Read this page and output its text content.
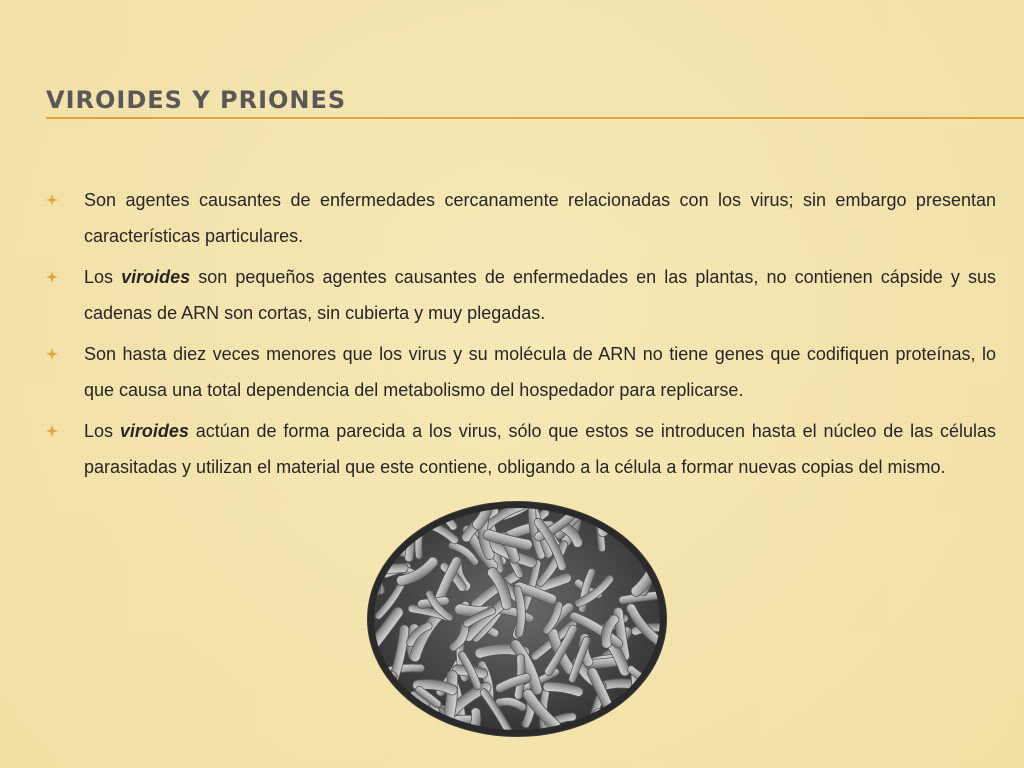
VIROIDES Y PRIONES
Son agentes causantes de enfermedades cercanamente relacionadas con los virus; sin embargo presentan características particulares.
Los viroides son pequeños agentes causantes de enfermedades en las plantas, no contienen cápside y sus cadenas de ARN son cortas, sin cubierta y muy plegadas.
Son hasta diez veces menores que los virus y su molécula de ARN no tiene genes que codifiquen proteínas, lo que causa una total dependencia del metabolismo del hospedador para replicarse.
Los viroides actúan de forma parecida a los virus, sólo que estos se introducen hasta el núcleo de las células parasitadas y utilizan el material que este contiene, obligando a la célula a formar nuevas copias del mismo.
